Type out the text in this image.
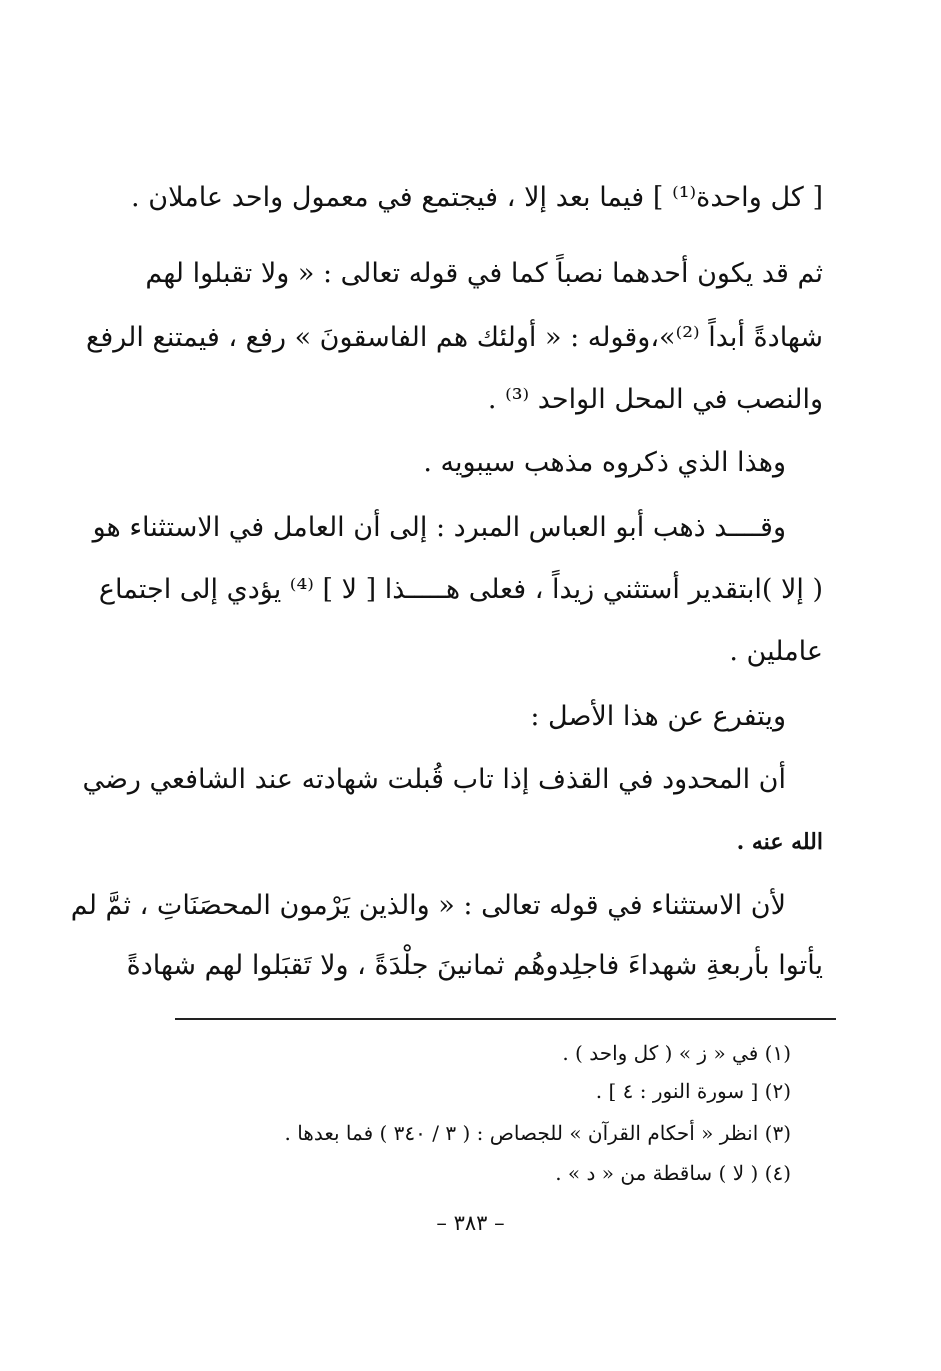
[ كل واحدة⁽¹⁾ ] فيما بعد إلا ، فيجتمع في معمول واحد عاملان .
ثم قد يكون أحدهما نصباً كما في قوله تعالى : « ولا تقبلوا لهم
شهادةً أبداً ⁽²⁾»،وقوله : « أولئك هم الفاسقونَ » رفع ، فيمتنع الرفع
والنصب في المحل الواحد ⁽³⁾ .
وهذا الذي ذكروه مذهب سيبويه .
وقــــد ذهب أبو العباس المبرد : إلى أن العامل في الاستثناء هو
( إلا )ابتقدير أستثني زيداً ، فعلى هـــــذا [ لا ] ⁽⁴⁾ يؤدي إلى اجتماع
عاملين .
ويتفرع عن هذا الأصل :
أن المحدود في القذف إذا تاب قُبلت شهادته عند الشافعي رضي
الله عنه .
لأن الاستثناء في قوله تعالى : « والذين يَرْمون المحصَنَاتِ ، ثمَّ لم
يأتوا بأربعةِ شهداءَ فاجلِدوهُم ثمانينَ جلْدَةً ، ولا تَقبَلوا لهم شهادةً
(١) في « ز » ( كل واحد ) .
(٢) [ سورة النور : ٤ ] .
(٣) انظر « أحكام القرآن » للجصاص : ( ٣ / ٣٤٠ ) فما بعدها .
(٤) ( لا ) ساقطة من « د » .
– ٣٨٣ –
